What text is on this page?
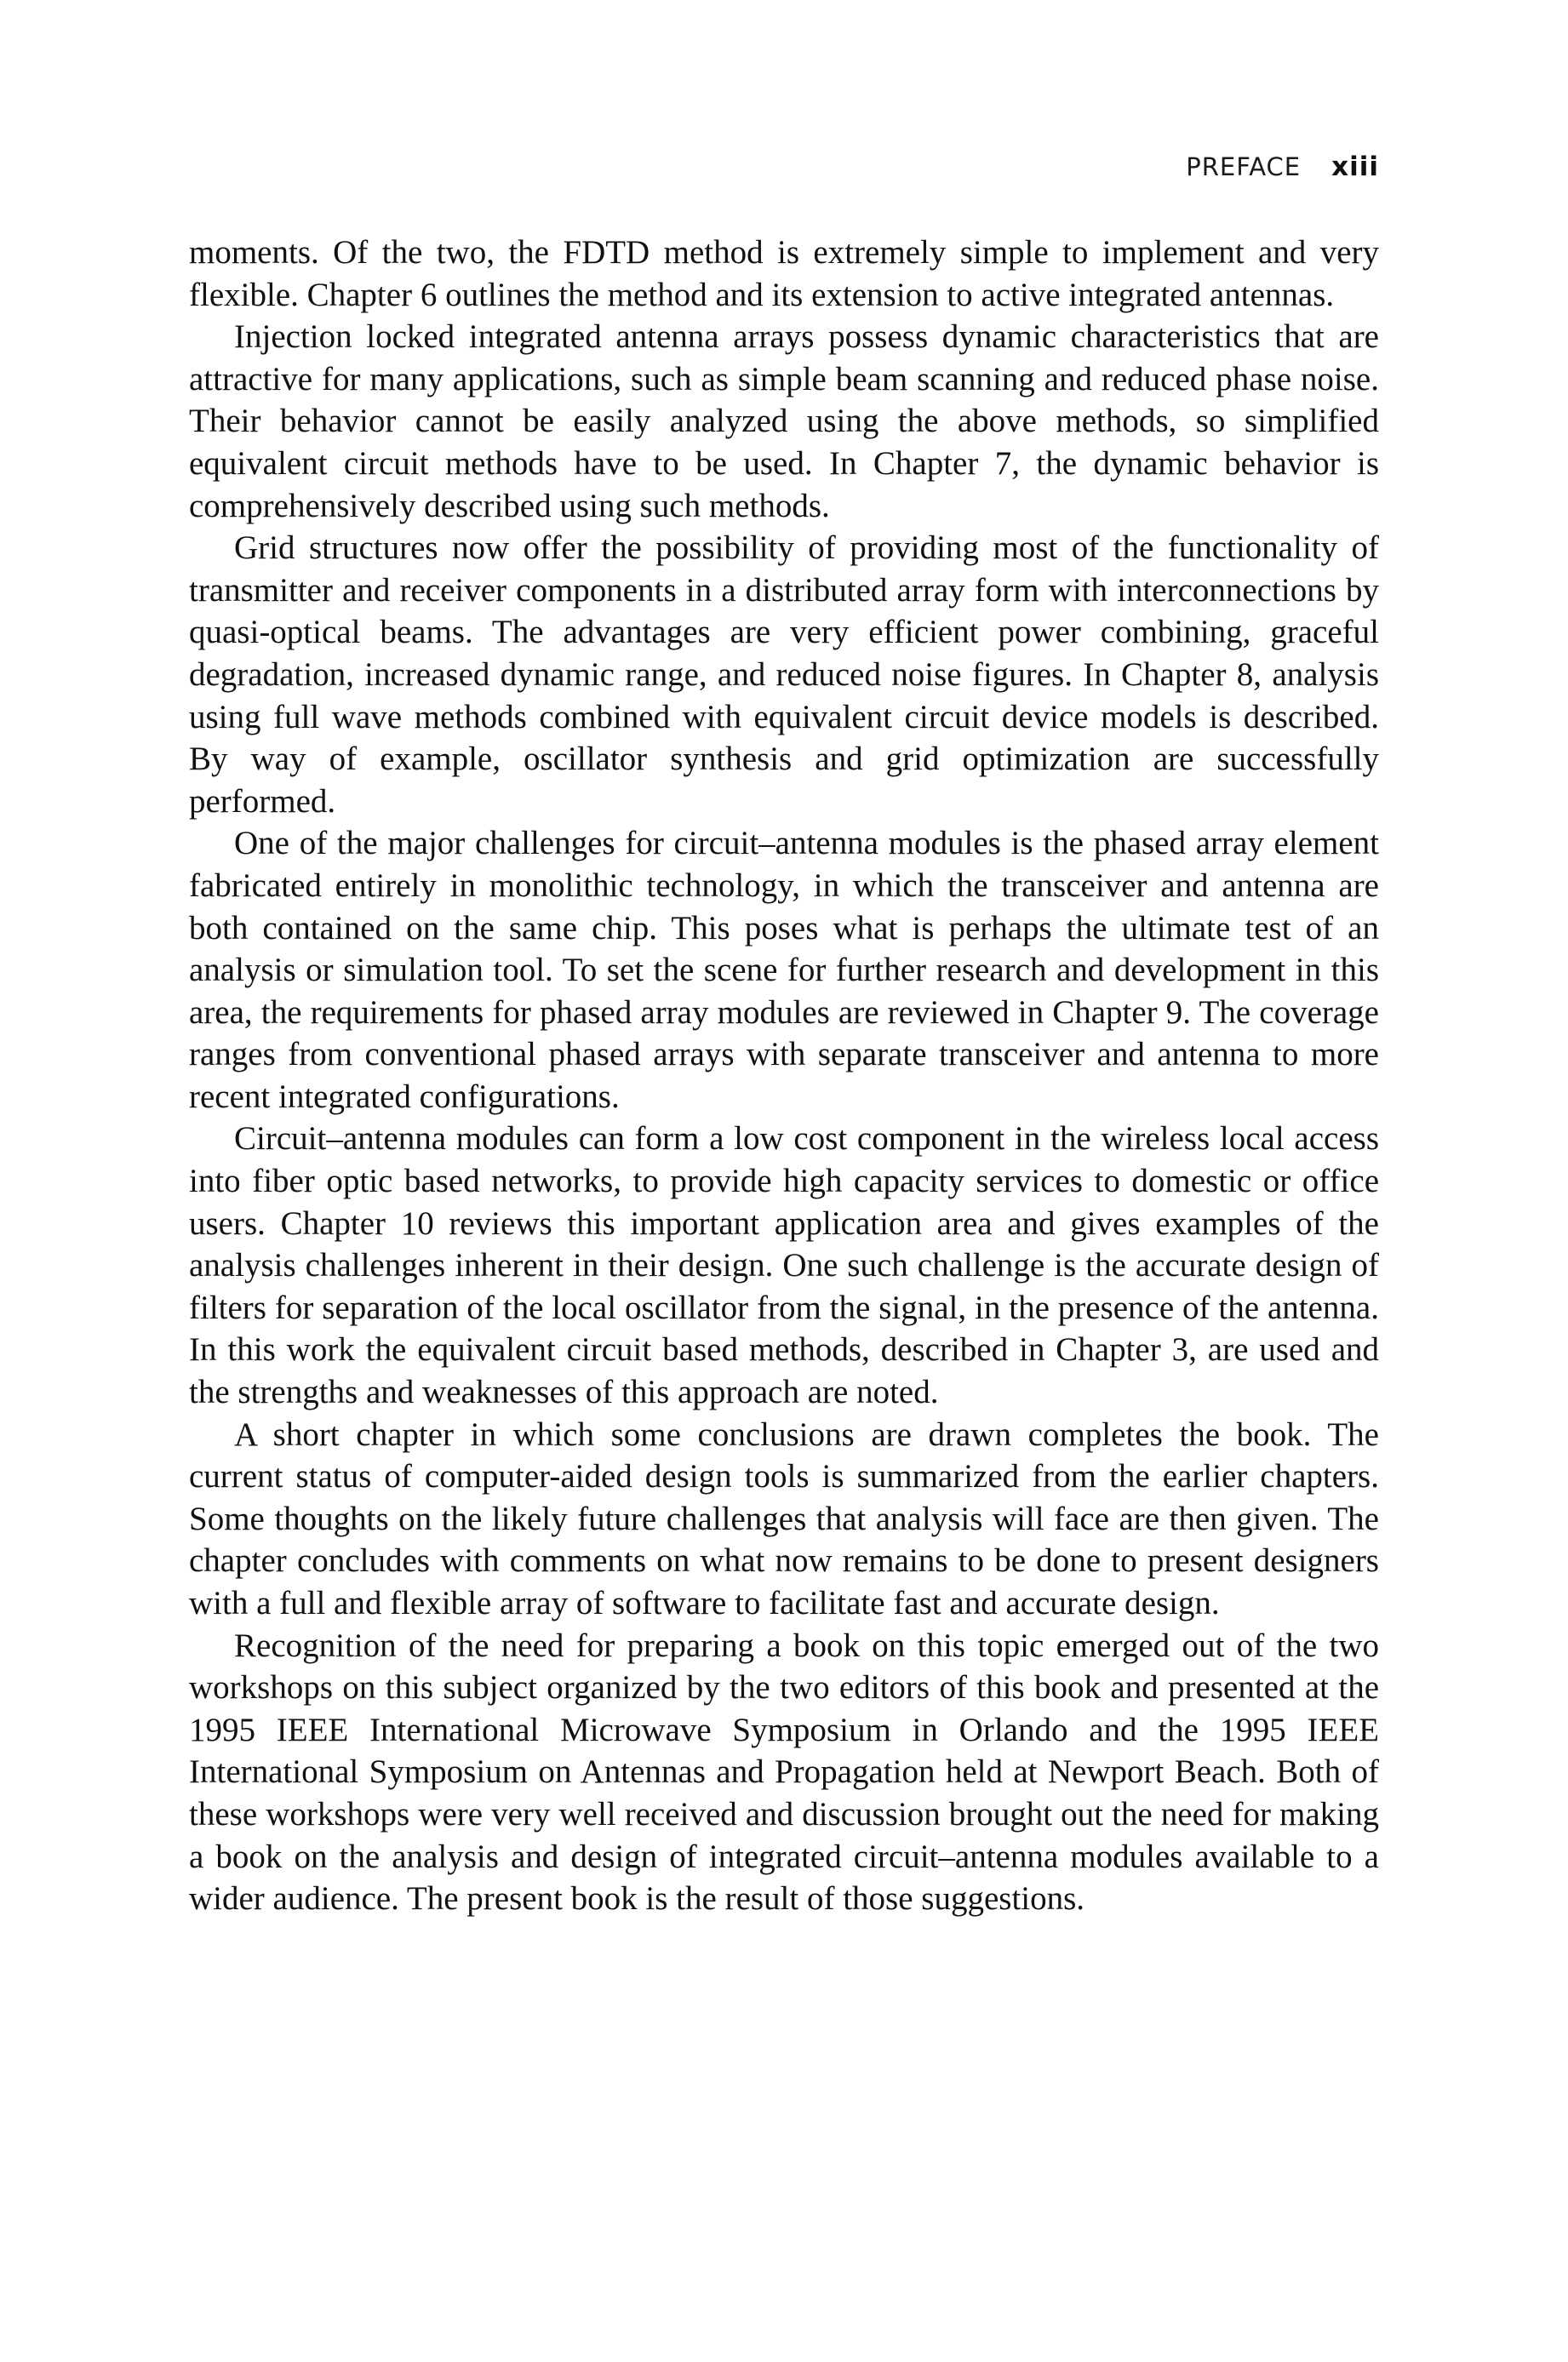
PREFACE xiii

moments. Of the two, the FDTD method is extremely simple to implement and very flexible. Chapter 6 outlines the method and its extension to active integrated antennas.

Injection locked integrated antenna arrays possess dynamic characteristics that are attractive for many applications, such as simple beam scanning and reduced phase noise. Their behavior cannot be easily analyzed using the above methods, so simplified equivalent circuit methods have to be used. In Chapter 7, the dynamic behavior is comprehensively described using such methods.

Grid structures now offer the possibility of providing most of the functionality of transmitter and receiver components in a distributed array form with interconnections by quasi-optical beams. The advantages are very efficient power combining, graceful degradation, increased dynamic range, and reduced noise figures. In Chapter 8, analysis using full wave methods combined with equivalent circuit device models is described. By way of example, oscillator synthesis and grid optimization are successfully performed.

One of the major challenges for circuit–antenna modules is the phased array element fabricated entirely in monolithic technology, in which the transceiver and antenna are both contained on the same chip. This poses what is perhaps the ultimate test of an analysis or simulation tool. To set the scene for further research and development in this area, the requirements for phased array modules are reviewed in Chapter 9. The coverage ranges from conventional phased arrays with separate transceiver and antenna to more recent integrated configurations.

Circuit–antenna modules can form a low cost component in the wireless local access into fiber optic based networks, to provide high capacity services to domestic or office users. Chapter 10 reviews this important application area and gives examples of the analysis challenges inherent in their design. One such challenge is the accurate design of filters for separation of the local oscillator from the signal, in the presence of the antenna. In this work the equivalent circuit based methods, described in Chapter 3, are used and the strengths and weaknesses of this approach are noted.

A short chapter in which some conclusions are drawn completes the book. The current status of computer-aided design tools is summarized from the earlier chapters. Some thoughts on the likely future challenges that analysis will face are then given. The chapter concludes with comments on what now remains to be done to present designers with a full and flexible array of software to facilitate fast and accurate design.

Recognition of the need for preparing a book on this topic emerged out of the two workshops on this subject organized by the two editors of this book and presented at the 1995 IEEE International Microwave Symposium in Orlando and the 1995 IEEE International Symposium on Antennas and Propagation held at Newport Beach. Both of these workshops were very well received and discussion brought out the need for making a book on the analysis and design of integrated circuit–antenna modules available to a wider audience. The present book is the result of those suggestions.
